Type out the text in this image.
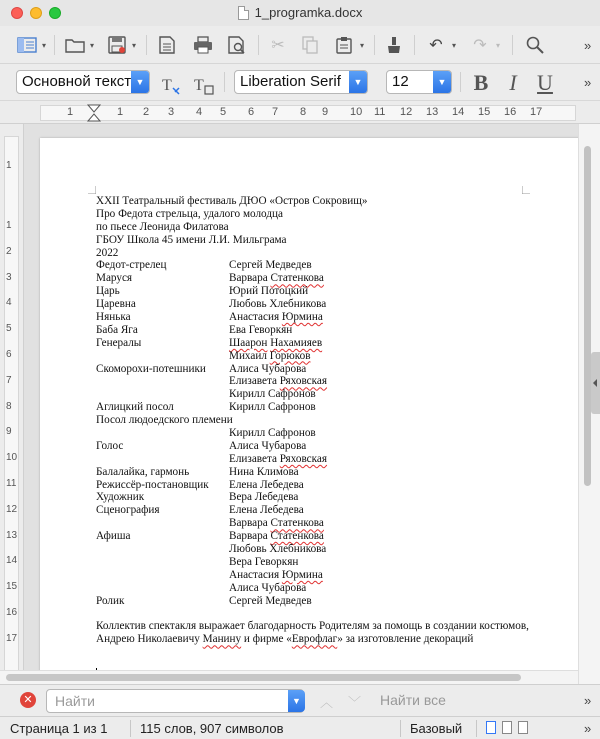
1_programka.docx
▾	▾	▾	✂	▾	↶	▾	↷	▾	»
Основной текст ▼ T T	Liberation Serif	▼	12	▼ B I U	»
1	1 2 3 4 5 6 7 8 9 10 11 12 13 14 15 16 17
1
1
2
3
4
5
6
7
8
9
10
11
12
13
14
15
16
17
XXII Театральный фестиваль ДЮО «Остров Сокровищ»
Про Федота стрельца, удалого молодца
по пьесе Леонида Филатова
ГБОУ Школа 45 имени Л.И. Мильграма
2022
Федот-стрелец	Сергей Медведев
Маруся	Варвара Статенкова
Царь	Юрий Потоцкий
Царевна	Любовь Хлебникова
Нянька	Анастасия Юрмина
Баба Яга	Ева Геворкян
Генералы	Шаарон Нахамияев
Михаил Горюков
Скоморохи-потешники Алиса Чубарова
Елизавета Ряховская
Кирилл Сафронов
Аглицкий посол	Кирилл Сафронов
Посол людоедского племени
Кирилл Сафронов
Голос	Алиса Чубарова
Елизавета Ряховская
Балалайка, гармонь	Нина Климова
Режиссёр-постановщик Елена Лебедева
Художник	Вера Лебедева
Сценография	Елена Лебедева
Варвара Статенкова
Афиша	Варвара Статенкова
Любовь Хлебникова
Вера Геворкян
Анастасия Юрмина
Алиса Чубарова
Ролик	Сергей Медведев
Коллектив спектакля выражает благодарность Родителям за помощь в создании костюмов,
Андрею Николаевичу Манину и фирме «Еврофлаг» за изготовление декораций
✕
Найти	▼	︿ ﹀ Найти все	»
Страница 1 из 1	115 слов, 907 символов	Базовый	»
